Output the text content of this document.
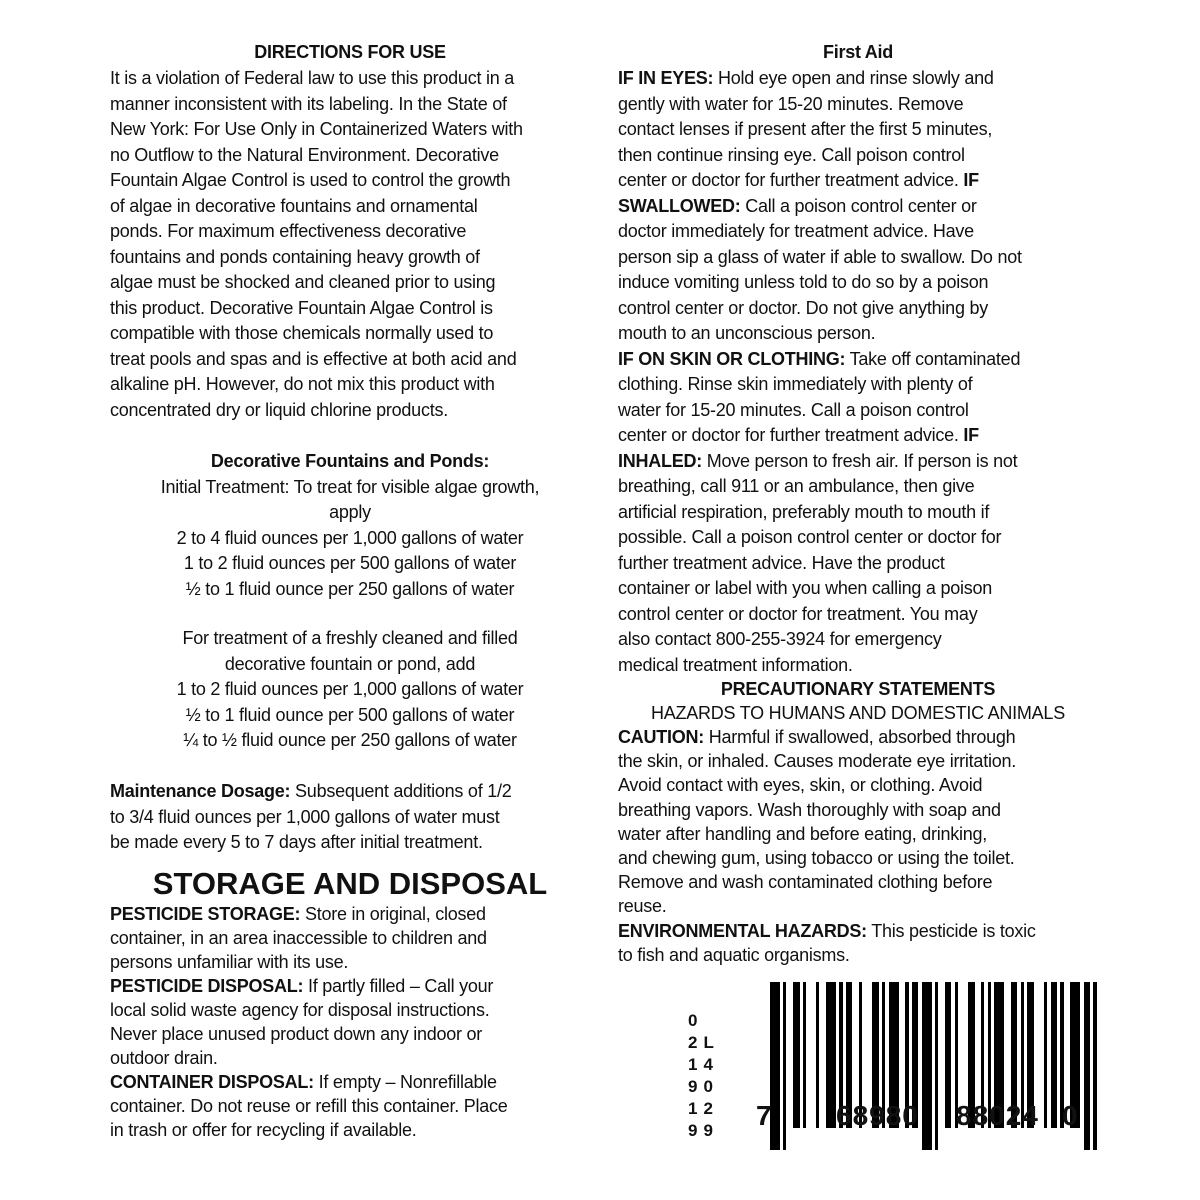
DIRECTIONS FOR USE
It is a violation of Federal law to use this product in a
manner inconsistent with its labeling. In the State of
New York: For Use Only in Containerized Waters with
no Outflow to the Natural Environment. Decorative
Fountain Algae Control is used to control the growth
of algae in decorative fountains and ornamental
ponds. For maximum effectiveness decorative
fountains and ponds containing heavy growth of
algae must be shocked and cleaned prior to using
this product. Decorative Fountain Algae Control is
compatible with those chemicals normally used to
treat pools and spas and is effective at both acid and
alkaline pH. However, do not mix this product with
concentrated dry or liquid chlorine products.
Decorative Fountains and Ponds:
Initial Treatment: To treat for visible algae growth,
apply
2 to 4 fluid ounces per 1,000 gallons of water
1 to 2 fluid ounces per 500 gallons of water
½ to 1 fluid ounce per 250 gallons of water
For treatment of a freshly cleaned and filled
decorative fountain or pond, add
1 to 2 fluid ounces per 1,000 gallons of water
½ to 1 fluid ounce per 500 gallons of water
¼ to ½ fluid ounce per 250 gallons of water
Maintenance Dosage: Subsequent additions of 1/2
to 3/4 fluid ounces per 1,000 gallons of water must
be made every 5 to 7 days after initial treatment.
STORAGE AND DISPOSAL
PESTICIDE STORAGE: Store in original, closed
container, in an area inaccessible to children and
persons unfamiliar with its use.
PESTICIDE DISPOSAL: If partly filled – Call your
local solid waste agency for disposal instructions.
Never place unused product down any indoor or
outdoor drain.
CONTAINER DISPOSAL: If empty – Nonrefillable
container. Do not reuse or refill this container. Place
in trash or offer for recycling if available.
First Aid
IF IN EYES: Hold eye open and rinse slowly and
gently with water for 15-20 minutes. Remove
contact lenses if present after the first 5 minutes,
then continue rinsing eye. Call poison control
center or doctor for further treatment advice. IF
SWALLOWED: Call a poison control center or
doctor immediately for treatment advice. Have
person sip a glass of water if able to swallow. Do not
induce vomiting unless told to do so by a poison
control center or doctor. Do not give anything by
mouth to an unconscious person.
IF ON SKIN OR CLOTHING: Take off contaminated
clothing. Rinse skin immediately with plenty of
water for 15-20 minutes. Call a poison control
center or doctor for further treatment advice. IF
INHALED: Move person to fresh air. If person is not
breathing, call 911 or an ambulance, then give
artificial respiration, preferably mouth to mouth if
possible. Call a poison control center or doctor for
further treatment advice. Have the product
container or label with you when calling a poison
control center or doctor for treatment. You may
also contact 800-255-3924 for emergency
medical treatment information.
PRECAUTIONARY STATEMENTS
HAZARDS TO HUMANS AND DOMESTIC ANIMALS
CAUTION: Harmful if swallowed, absorbed through
the skin, or inhaled. Causes moderate eye irritation.
Avoid contact with eyes, skin, or clothing. Avoid
breathing vapors. Wash thoroughly with soap and
water after handling and before eating, drinking,
and chewing gum, using tobacco or using the toilet.
Remove and wash contaminated clothing before
reuse.
ENVIRONMENTAL HAZARDS: This pesticide is toxic
to fish and aquatic organisms.
0
2L
14
90
12
99 7 68980 88024 0
